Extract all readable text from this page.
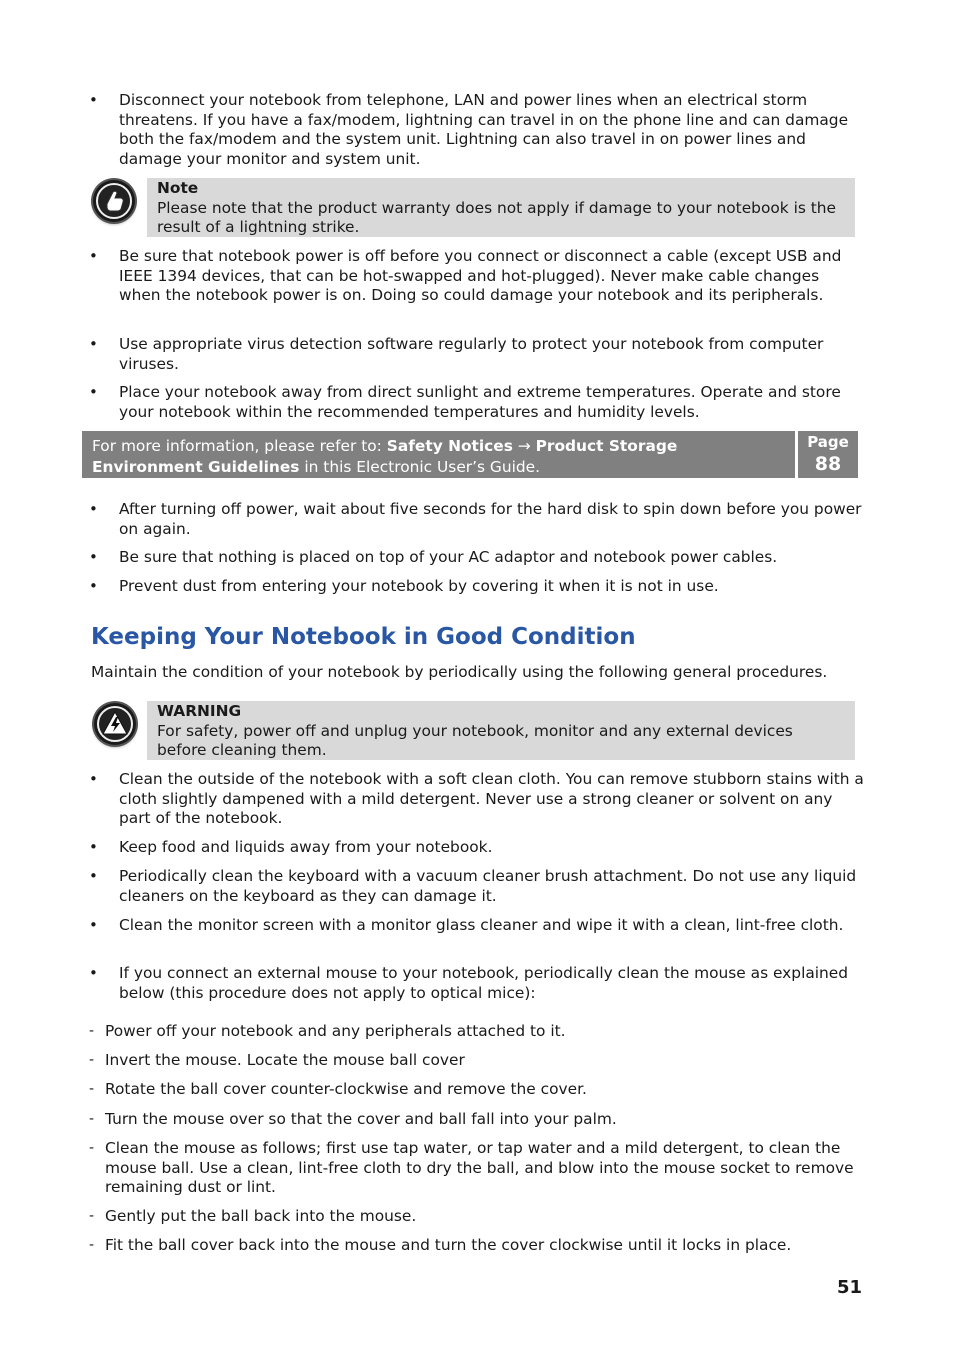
• Disconnect your notebook from telephone, LAN and power lines when an electrical storm threatens. If you have a fax/modem, lightning can travel in on the phone line and can damage both the fax/modem and the system unit. Lightning can also travel in on power lines and damage your monitor and system unit.
Note
Please note that the product warranty does not apply if damage to your notebook is the result of a lightning strike.
• Be sure that notebook power is off before you connect or disconnect a cable (except USB and IEEE 1394 devices, that can be hot-swapped and hot-plugged). Never make cable changes when the notebook power is on. Doing so could damage your notebook and its peripherals.
• Use appropriate virus detection software regularly to protect your notebook from computer viruses.
• Place your notebook away from direct sunlight and extreme temperatures. Operate and store your notebook within the recommended temperatures and humidity levels.
For more information, please refer to: Safety Notices → Product Storage
Environment Guidelines in this Electronic User’s Guide.
Page
88
• After turning off power, wait about five seconds for the hard disk to spin down before you power on again.
• Be sure that nothing is placed on top of your AC adaptor and notebook power cables.
• Prevent dust from entering your notebook by covering it when it is not in use.
Keeping Your Notebook in Good Condition
Maintain the condition of your notebook by periodically using the following general procedures.
WARNING
For safety, power off and unplug your notebook, monitor and any external devices before cleaning them.
• Clean the outside of the notebook with a soft clean cloth. You can remove stubborn stains with a cloth slightly dampened with a mild detergent. Never use a strong cleaner or solvent on any part of the notebook.
• Keep food and liquids away from your notebook.
• Periodically clean the keyboard with a vacuum cleaner brush attachment. Do not use any liquid cleaners on the keyboard as they can damage it.
• Clean the monitor screen with a monitor glass cleaner and wipe it with a clean, lint-free cloth.
• If you connect an external mouse to your notebook, periodically clean the mouse as explained below (this procedure does not apply to optical mice):
- Power off your notebook and any peripherals attached to it.
- Invert the mouse. Locate the mouse ball cover
- Rotate the ball cover counter-clockwise and remove the cover.
- Turn the mouse over so that the cover and ball fall into your palm.
- Clean the mouse as follows; first use tap water, or tap water and a mild detergent, to clean the mouse ball. Use a clean, lint-free cloth to dry the ball, and blow into the mouse socket to remove remaining dust or lint.
- Gently put the ball back into the mouse.
- Fit the ball cover back into the mouse and turn the cover clockwise until it locks in place.
51
